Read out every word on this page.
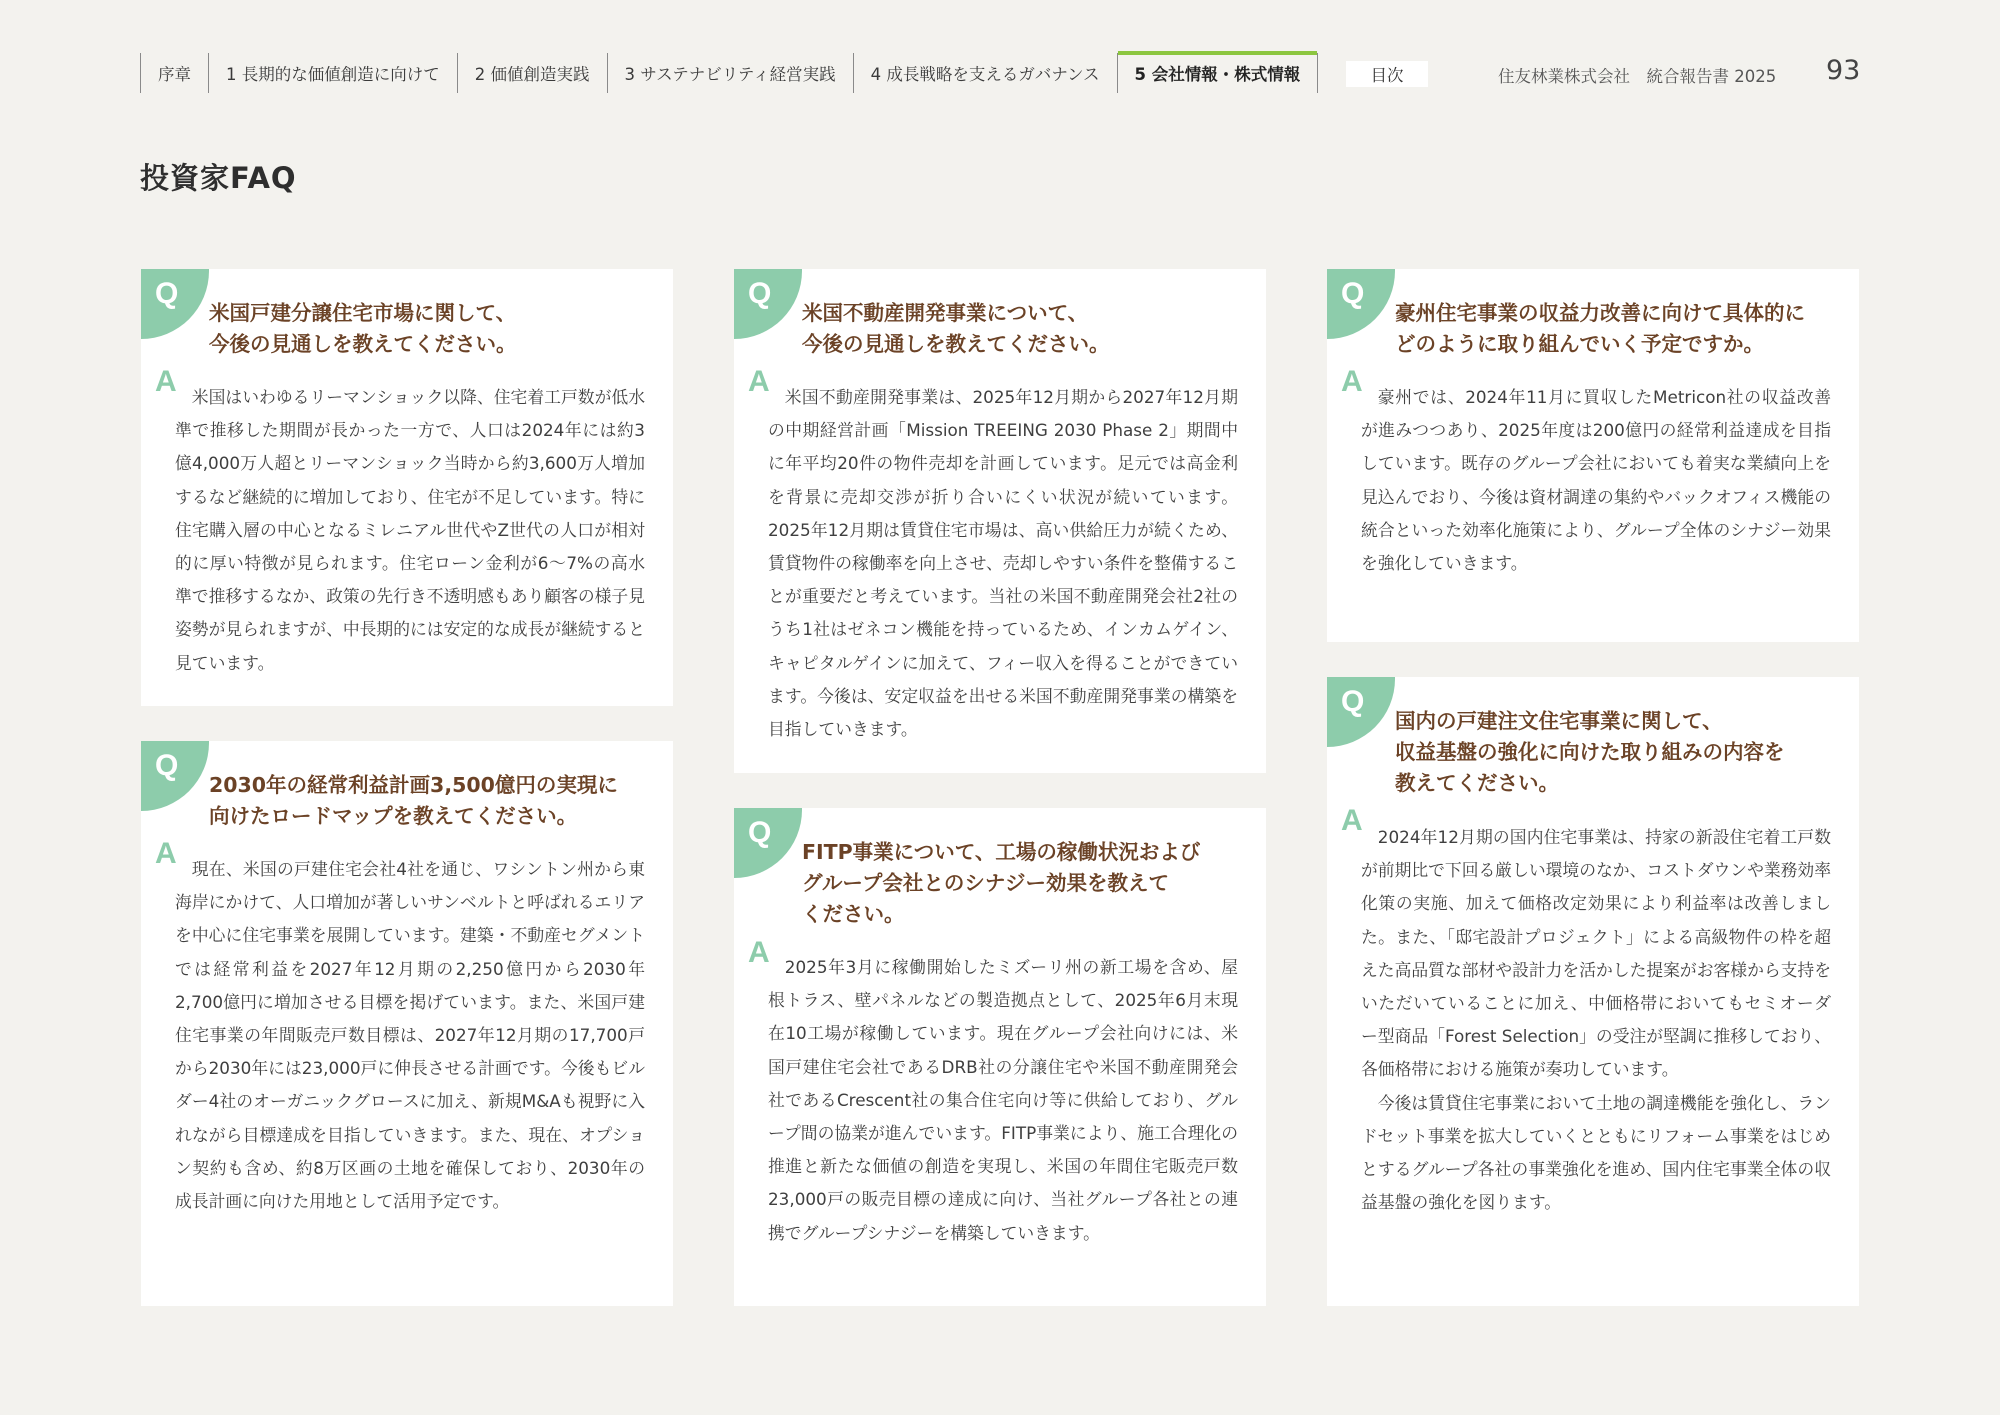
序章	1 長期的な価値創造に向けて	2 価値創造実践	3 サステナビリティ経営実践	4 成長戦略を支えるガバナンス	5 会社情報・株式情報	目次	住友林業株式会社　統合報告書 2025 93
投資家FAQ
Q
米国戸建分譲住宅市場に関して、
今後の見通しを教えてください。
A 米国はいわゆるリーマンショック以降、住宅着工戸数が低水準で推移した期間が長かった一方で、人口は2024年には約3億4,000万人超とリーマンショック当時から約3,600万人増加するなど継続的に増加しており、住宅が不足しています。特に住宅購入層の中心となるミレニアル世代やZ世代の人口が相対的に厚い特徴が見られます。住宅ローン金利が6〜7%の高水準で推移するなか、政策の先行き不透明感もあり顧客の様子見姿勢が見られますが、中長期的には安定的な成長が継続すると見ています。
Q
2030年の経常利益計画3,500億円の実現に
向けたロードマップを教えてください。
A 現在、米国の戸建住宅会社4社を通じ、ワシントン州から東海岸にかけて、人口増加が著しいサンベルトと呼ばれるエリアを中心に住宅事業を展開しています。建築・不動産セグメントでは経常利益を2027年12月期の2,250億円から2030年2,700億円に増加させる目標を掲げています。また、米国戸建住宅事業の年間販売戸数目標は、2027年12月期の17,700戸から2030年には23,000戸に伸長させる計画です。今後もビルダー4社のオーガニックグロースに加え、新規M&Aも視野に入れながら目標達成を目指していきます。また、現在、オプション契約も含め、約8万区画の土地を確保しており、2030年の成長計画に向けた用地として活用予定です。
Q
米国不動産開発事業について、
今後の見通しを教えてください。
A 米国不動産開発事業は、2025年12月期から2027年12月期の中期経営計画「Mission TREEING 2030 Phase 2」期間中に年平均20件の物件売却を計画しています。足元では高金利を背景に売却交渉が折り合いにくい状況が続いています。2025年12月期は賃貸住宅市場は、高い供給圧力が続くため、賃貸物件の稼働率を向上させ、売却しやすい条件を整備することが重要だと考えています。当社の米国不動産開発会社2社のうち1社はゼネコン機能を持っているため、インカムゲイン、キャピタルゲインに加えて、フィー収入を得ることができています。今後は、安定収益を出せる米国不動産開発事業の構築を目指していきます。
Q
FITP事業について、工場の稼働状況および
グループ会社とのシナジー効果を教えて
ください。
A 2025年3月に稼働開始したミズーリ州の新工場を含め、屋根トラス、壁パネルなどの製造拠点として、2025年6月末現在10工場が稼働しています。現在グループ会社向けには、米国戸建住宅会社であるDRB社の分譲住宅や米国不動産開発会社であるCrescent社の集合住宅向け等に供給しており、グループ間の協業が進んでいます。FITP事業により、施工合理化の推進と新たな価値の創造を実現し、米国の年間住宅販売戸数23,000戸の販売目標の達成に向け、当社グループ各社との連携でグループシナジーを構築していきます。
Q
豪州住宅事業の収益力改善に向けて具体的に
どのように取り組んでいく予定ですか。
A 豪州では、2024年11月に買収したMetricon社の収益改善が進みつつあり、2025年度は200億円の経常利益達成を目指しています。既存のグループ会社においても着実な業績向上を見込んでおり、今後は資材調達の集約やバックオフィス機能の統合といった効率化施策により、グループ全体のシナジー効果を強化していきます。
Q
国内の戸建注文住宅事業に関して、
収益基盤の強化に向けた取り組みの内容を
教えてください。
A 2024年12月期の国内住宅事業は、持家の新設住宅着工戸数が前期比で下回る厳しい環境のなか、コストダウンや業務効率化策の実施、加えて価格改定効果により利益率は改善しました。また、「邸宅設計プロジェクト」による高級物件の枠を超えた高品質な部材や設計力を活かした提案がお客様から支持をいただいていることに加え、中価格帯においてもセミオーダー型商品「Forest Selection」の受注が堅調に推移しており、各価格帯における施策が奏功しています。

今後は賃貸住宅事業において土地の調達機能を強化し、ランドセット事業を拡大していくとともにリフォーム事業をはじめとするグループ各社の事業強化を進め、国内住宅事業全体の収益基盤の強化を図ります。
